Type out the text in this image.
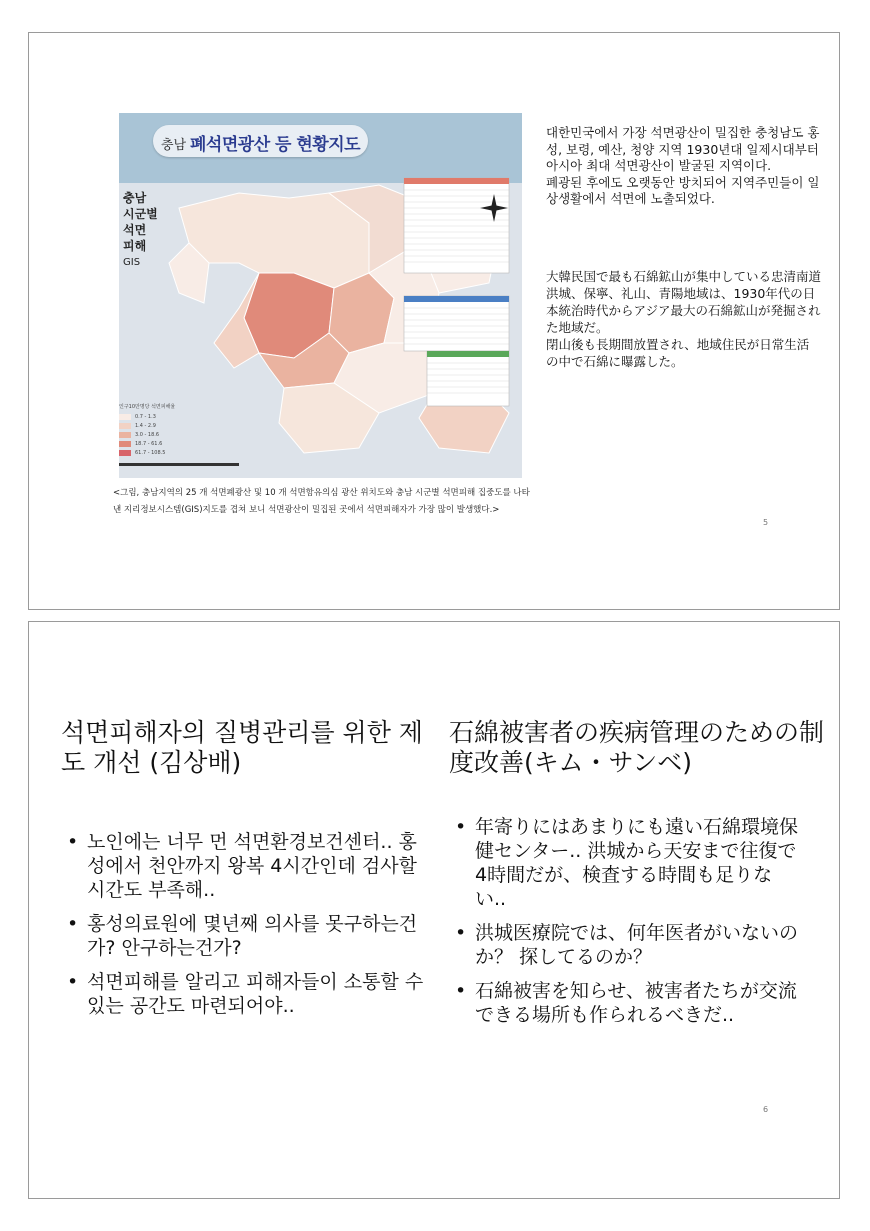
충남 폐석면광산 등 현황지도
충남
시군별
석면
피해
GIS
인구10만명당 석면피해율
0.7 - 1.3
1.4 - 2.9
3.0 - 18.6
18.7 - 61.6
61.7 - 108.5
대한민국에서 가장 석면광산이 밀집한 충청남도 홍성, 보령, 예산, 청양 지역 1930년대 일제시대부터 아시아 최대 석면광산이 발굴된 지역이다.
폐광된 후에도 오랫동안 방치되어 지역주민들이 일상생활에서 석면에 노출되었다.
大韓民国で最も石綿鉱山が集中している忠清南道洪城、保寧、礼山、青陽地域は、1930年代の日本統治時代からアジア最大の石綿鉱山が発掘された地域だ。
閉山後も長期間放置され、地域住民が日常生活の中で石綿に曝露した。
<그림, 충남지역의 25 개 석면폐광산 및 10 개 석면함유의심 광산 위치도와 충남 시군별 석면피해 집중도를 나타낸 지리정보시스템(GIS)지도를 겹쳐 보니 석면광산이 밀집된 곳에서 석면피해자가 가장 많이 발생했다.>
5
석면피해자의 질병관리를 위한 제도 개선 (김상배)
石綿被害者の疾病管理のための制度改善(キム・サンベ)
• 노인에는 너무 먼 석면환경보건센터.. 홍성에서 천안까지 왕복 4시간인데 검사할 시간도 부족해..
• 홍성의료원에 몇년째 의사를 못구하는건가? 안구하는건가?
• 석면피해를 알리고 피해자들이 소통할 수 있는 공간도 마련되어야..
• 年寄りにはあまりにも遠い石綿環境保健センター.. 洪城から天安まで往復で4時間だが、検査する時間も足りない..
• 洪城医療院では、何年医者がいないのか？ 探してるのか？
• 石綿被害を知らせ、被害者たちが交流できる場所も作られるべきだ..
6
